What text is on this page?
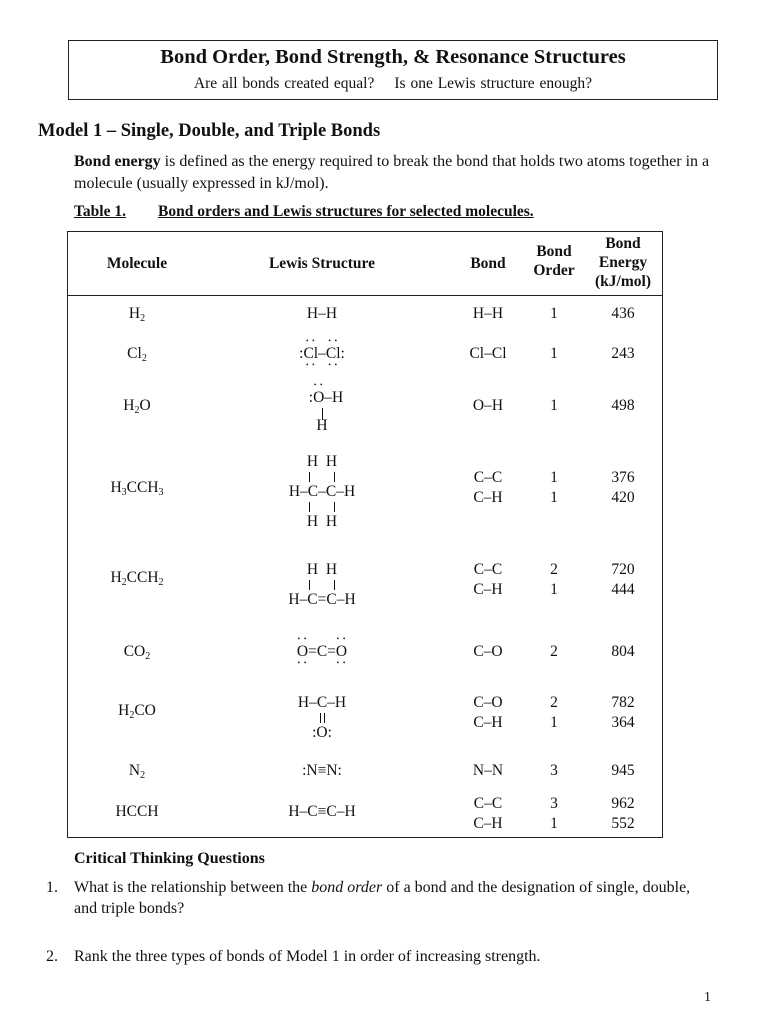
Bond Order, Bond Strength, & Resonance Structures
Are all bonds created equal? Is one Lewis structure enough?
Model 1 – Single, Double, and Triple Bonds
Bond energy is defined as the energy required to break the bond that holds two atoms together in a molecule (usually expressed in kJ/mol).
Table 1. Bond orders and Lewis structures for selected molecules.
Molecule	Lewis Structure	Bond
Bond
Order
Bond
Energy
(kJ/mol)
$H_2$	H–H	H–H	1	436
$Cl_2$	:• • Cl • •–• • Cl • •:	Cl–Cl	1	243
$H_2O$	:• • O–H
H
O–H	1	498
$H_3CCH_3$
H  H

H–C–C–H

H  H
C–C
C–H
1
1
376
420
$H_2CCH_2$
H  H

H–C=C–H
C–C
C–H
2
1
720
444
$CO_2$
• •	O • •=C=• • O • •	C–O	2	804
$H_2CO$	H–C–H
:O:
C–O
C–H
2
1
782
364
$N_2$	:N≡N:	N–N	3	945
HCCH	H–C≡C–H	C–C
C–H
3
1
962
552
Critical Thinking Questions
1. What is the relationship between the bond order of a bond and the designation of single, double, and triple bonds?
2. Rank the three types of bonds of Model 1 in order of increasing strength.
1
